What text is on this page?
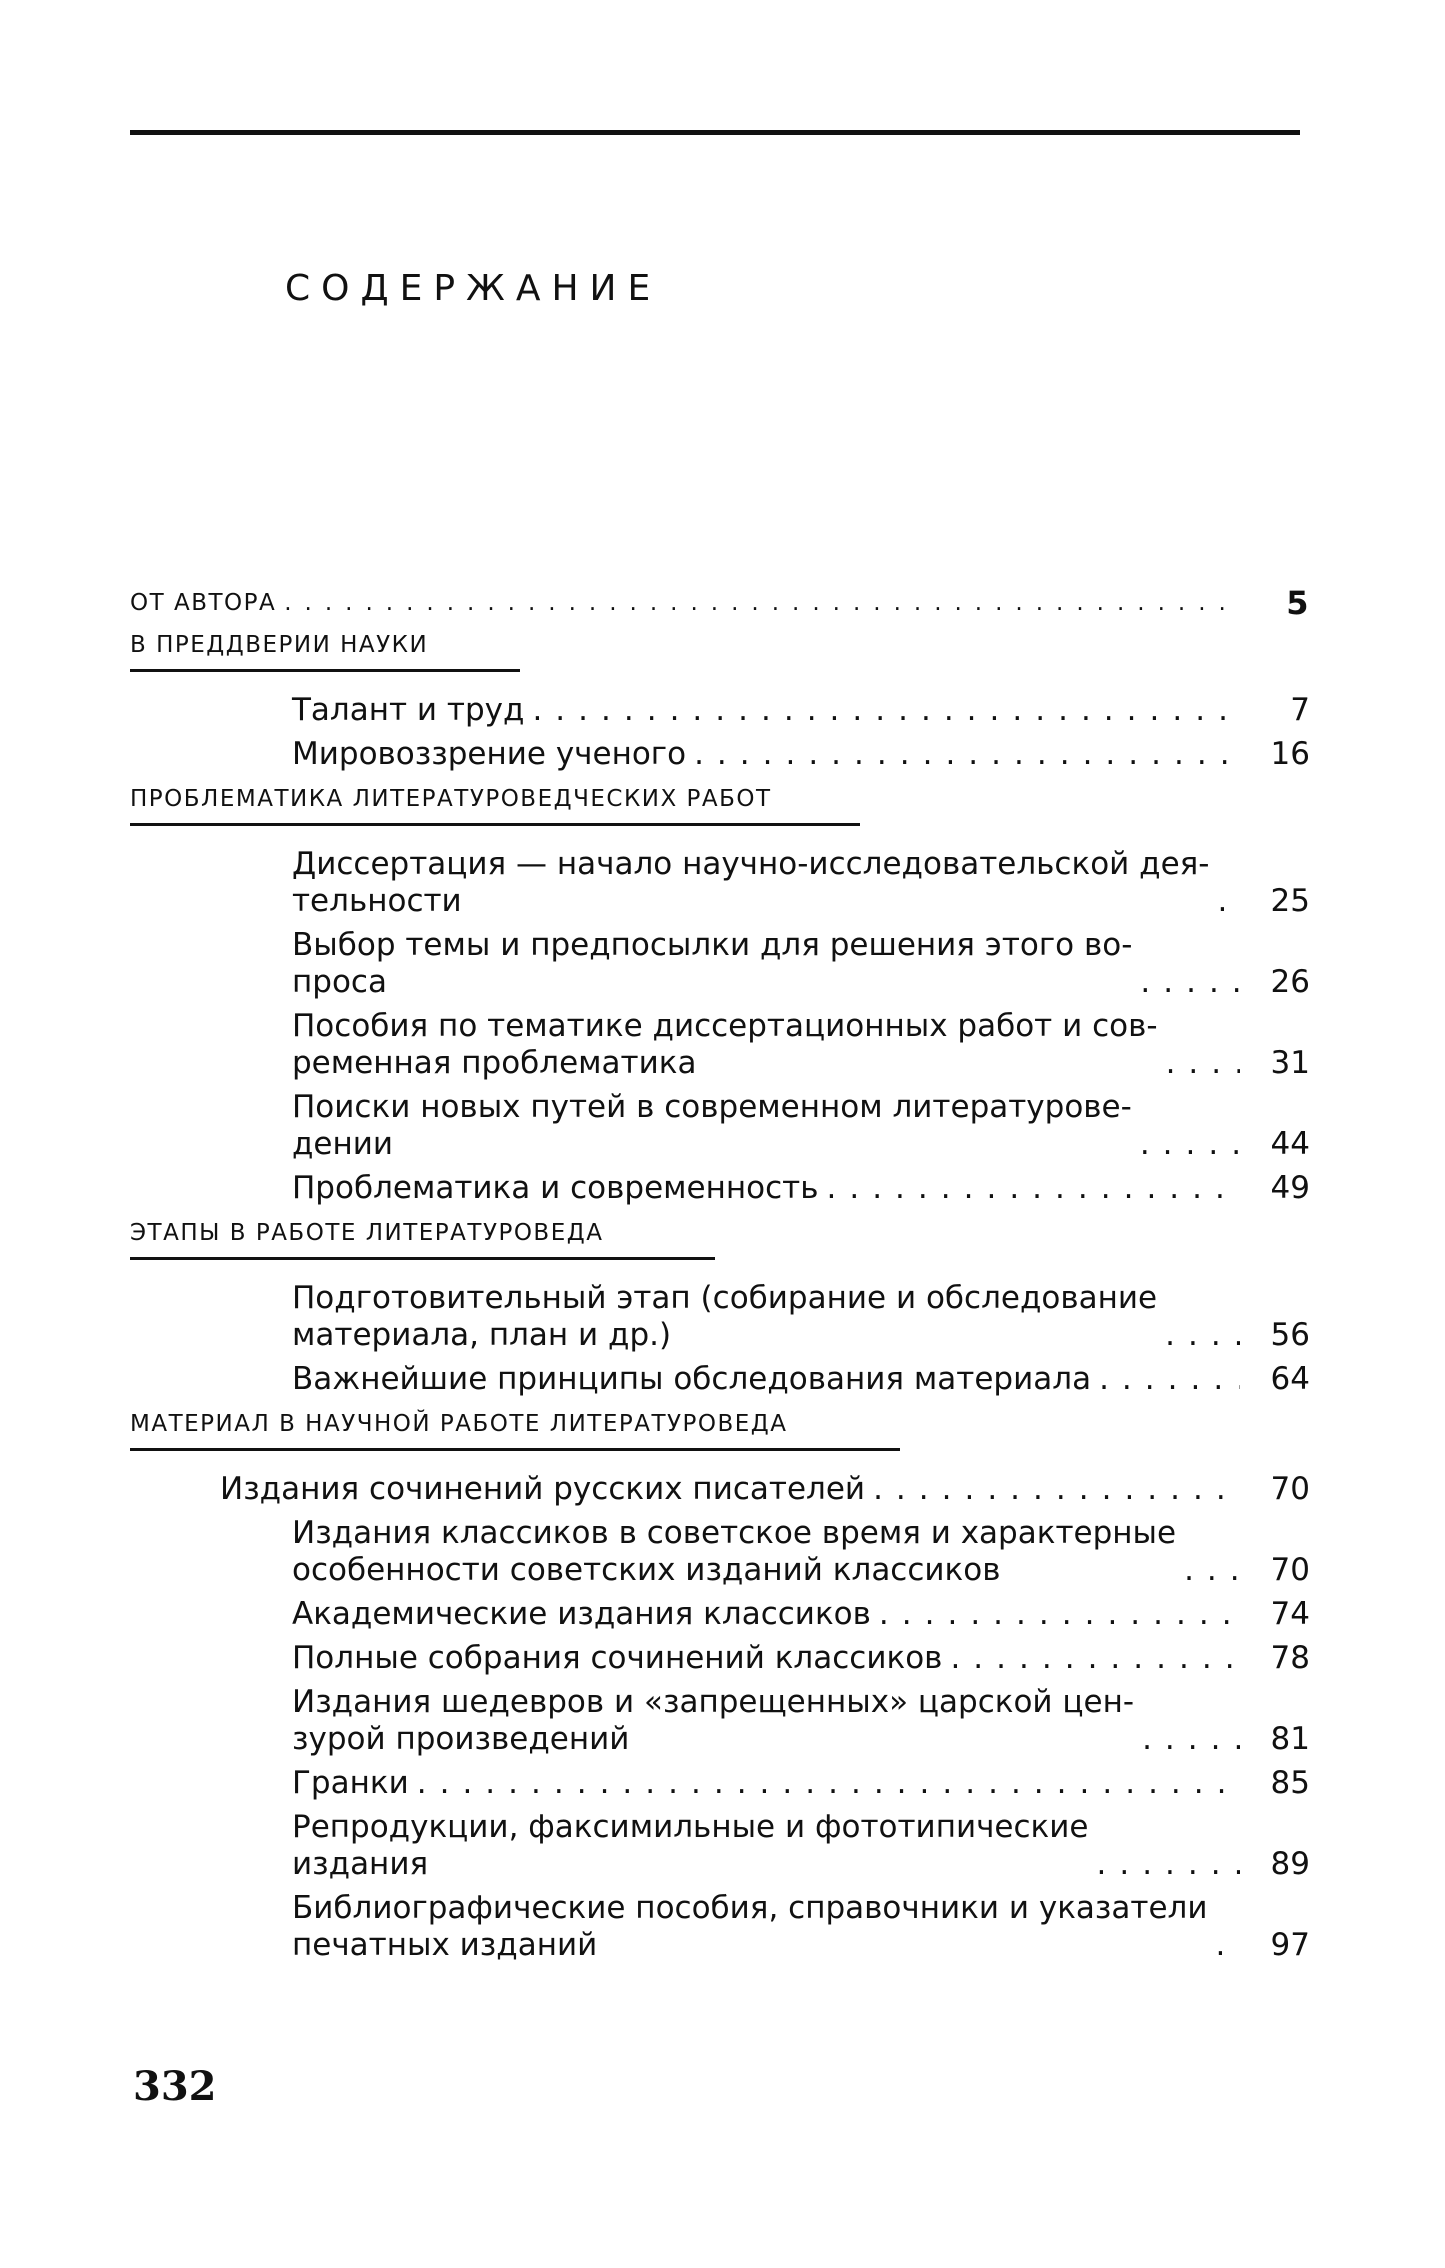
СОДЕРЖАНИЕ
ОТ АВТОРА .....	5
В ПРЕДДВЕРИИ НАУКИ
Талант и труд .....	7
Мировоззрение ученого .....	16
ПРОБЛЕМАТИКА ЛИТЕРАТУРОВЕДЧЕСКИХ РАБОТ
Диссертация — начало научно-исследовательской дея-
тельности .....	25
Выбор темы и предпосылки для решения этого во-
проса .....	26
Пособия по тематике диссертационных работ и сов-
ременная проблематика .....	31
Поиски новых путей в современном литературове-
дении .....	44
Проблематика и современность .....	49
ЭТАПЫ В РАБОТЕ ЛИТЕРАТУРОВЕДА
Подготовительный этап (собирание и обследование
материала, план и др.) .....	56
Важнейшие принципы обследования материала .....	64
МАТЕРИАЛ В НАУЧНОЙ РАБОТЕ ЛИТЕРАТУРОВЕДА
Издания сочинений русских писателей .....	70
Издания классиков в советское время и характерные
особенности советских изданий классиков .....	70
Академические издания классиков .....	74
Полные собрания сочинений классиков .....	78
Издания шедевров и «запрещенных» царской цен-
зурой произведений .....	81
Гранки .....	85
Репродукции, факсимильные и фототипические
издания .....	89
Библиографические пособия, справочники и указатели
печатных изданий .....	97
332
